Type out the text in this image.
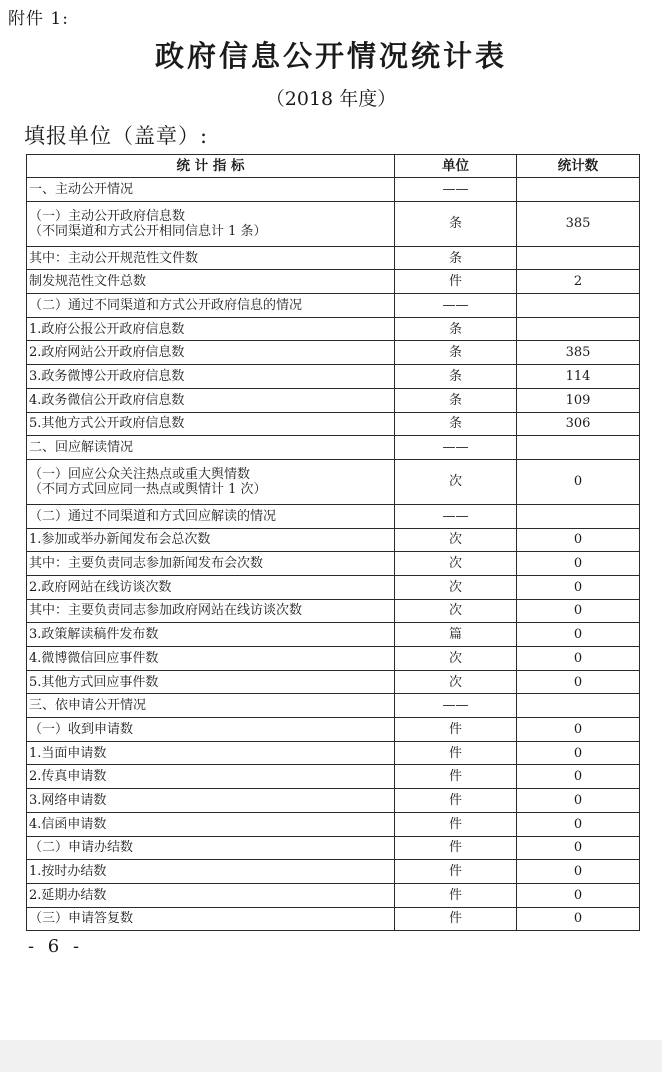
附件 1:
政府信息公开情况统计表
（2018 年度）
填报单位（盖章）:
统 计 指 标	单位	统计数

一、主动公开情况	——	

（一）主动公开政府信息数
（不同渠道和方式公开相同信息计 1 条）	条	385

其中：主动公开规范性文件数	条	

制发规范性文件总数	件	2

（二）通过不同渠道和方式公开政府信息的情况	——	

1.政府公报公开政府信息数	条	

2.政府网站公开政府信息数	条	385

3.政务微博公开政府信息数	条	114

4.政务微信公开政府信息数	条	109

5.其他方式公开政府信息数	条	306

二、回应解读情况	——	

（一）回应公众关注热点或重大舆情数
（不同方式回应同一热点或舆情计 1 次）	次	0

（二）通过不同渠道和方式回应解读的情况	——	

1.参加或举办新闻发布会总次数	次	0

其中：主要负责同志参加新闻发布会次数	次	0

2.政府网站在线访谈次数	次	0

其中：主要负责同志参加政府网站在线访谈次数	次	0

3.政策解读稿件发布数	篇	0

4.微博微信回应事件数	次	0

5.其他方式回应事件数	次	0

三、依申请公开情况	——	

（一）收到申请数	件	0

1.当面申请数	件	0

2.传真申请数	件	0

3.网络申请数	件	0

4.信函申请数	件	0

（二）申请办结数	件	0

1.按时办结数	件	0

2.延期办结数	件	0

（三）申请答复数	件	0
- 6 -
